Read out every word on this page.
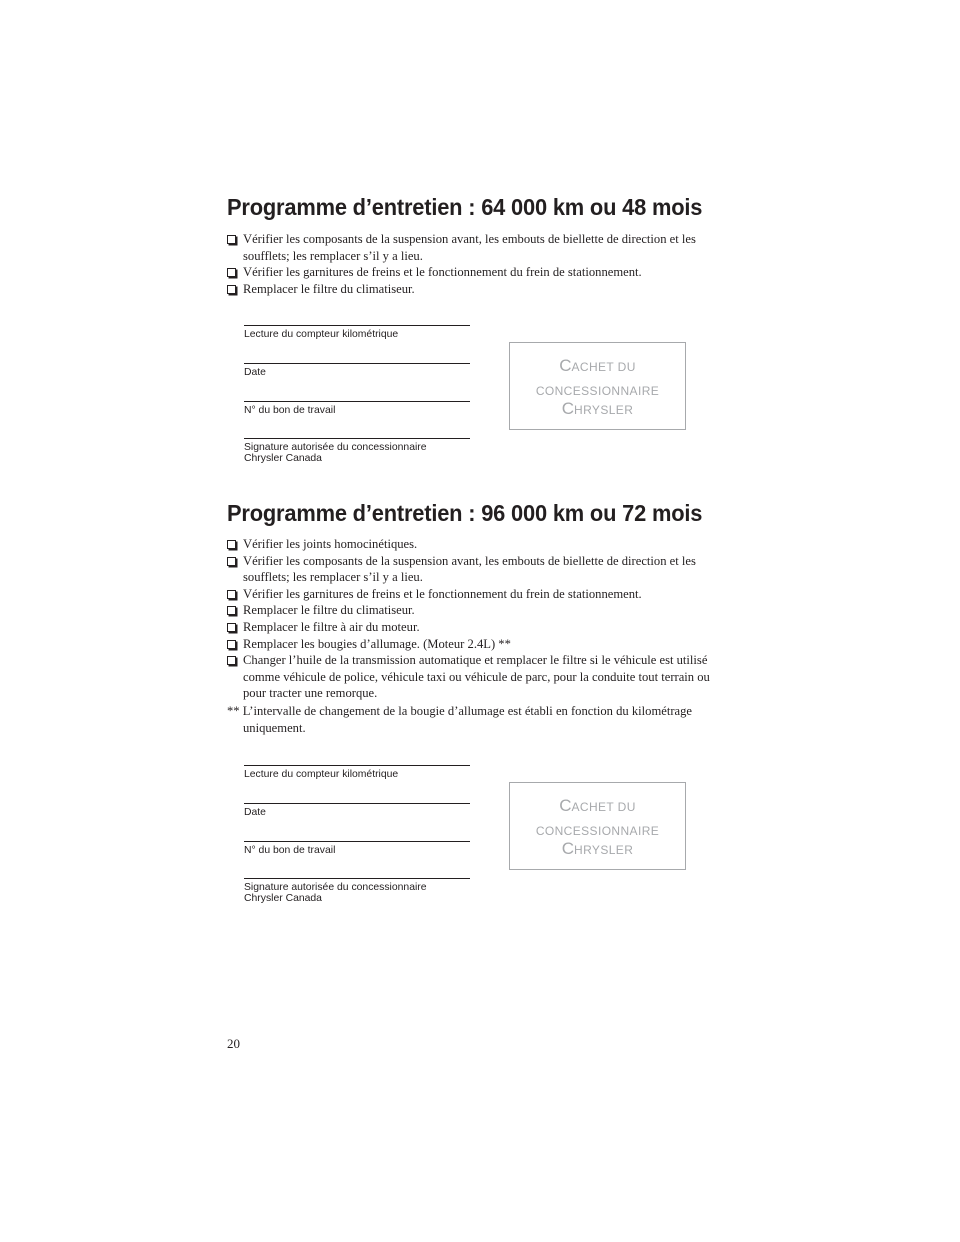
Programme d’entretien : 64 000 km ou 48 mois
Vérifier les composants de la suspension avant, les embouts de biellette de direction et les soufflets; les remplacer s’il y a lieu.
Vérifier les garnitures de freins et le fonctionnement du frein de stationnement.
Remplacer le filtre du climatiseur.
Lecture du compteur kilométrique
Date
N° du bon de travail
Signature autorisée du concessionnaire
Chrysler Canada
CACHET DU
CONCESSIONNAIRE
CHRYSLER
Programme d’entretien : 96 000 km ou 72 mois
Vérifier les joints homocinétiques.
Vérifier les composants de la suspension avant, les embouts de biellette de direction et les soufflets; les remplacer s’il y a lieu.
Vérifier les garnitures de freins et le fonctionnement du frein de stationnement.
Remplacer le filtre du climatiseur.
Remplacer le filtre à air du moteur.
Remplacer les bougies d’allumage. (Moteur 2.4L) **
Changer l’huile de la transmission automatique et remplacer le filtre si le véhicule est utilisé comme véhicule de police, véhicule taxi ou véhicule de parc, pour la conduite tout terrain ou pour tracter une remorque.

** L’intervalle de changement de la bougie d’allumage est établi en fonction du kilométrage uniquement.

Lecture du compteur kilométrique
Date
N° du bon de travail
Signature autorisée du concessionnaire
Chrysler Canada
CACHET DU
CONCESSIONNAIRE
CHRYSLER
20
